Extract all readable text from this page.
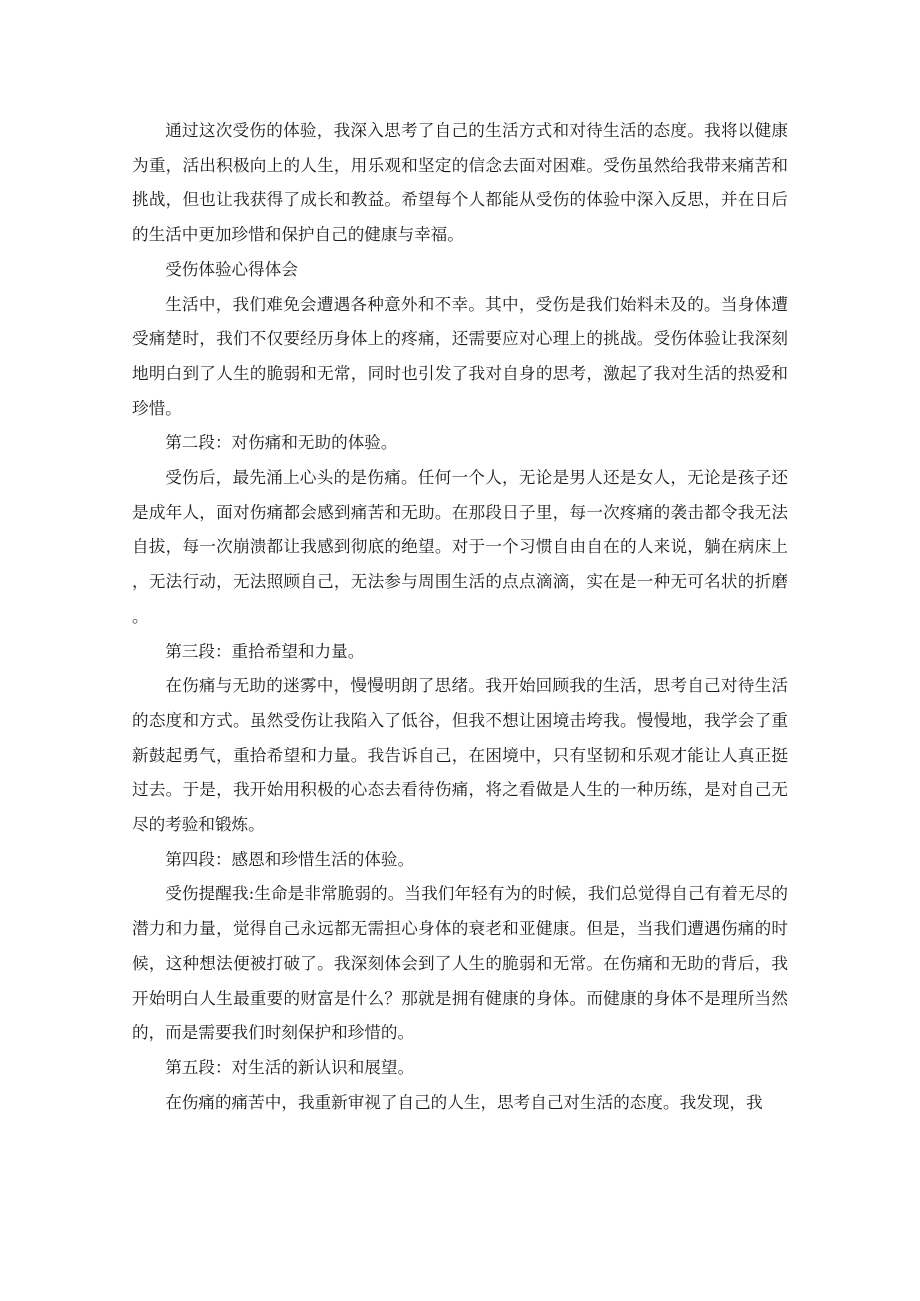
通过这次受伤的体验，我深入思考了自己的生活方式和对待生活的态度。我将以健康为重，活出积极向上的人生，用乐观和坚定的信念去面对困难。受伤虽然给我带来痛苦和挑战，但也让我获得了成长和教益。希望每个人都能从受伤的体验中深入反思，并在日后的生活中更加珍惜和保护自己的健康与幸福。

受伤体验心得体会

生活中，我们难免会遭遇各种意外和不幸。其中，受伤是我们始料未及的。当身体遭受痛楚时，我们不仅要经历身体上的疼痛，还需要应对心理上的挑战。受伤体验让我深刻地明白到了人生的脆弱和无常，同时也引发了我对自身的思考，激起了我对生活的热爱和珍惜。

第二段：对伤痛和无助的体验。

受伤后，最先涌上心头的是伤痛。任何一个人，无论是男人还是女人，无论是孩子还是成年人，面对伤痛都会感到痛苦和无助。在那段日子里，每一次疼痛的袭击都令我无法自拔，每一次崩溃都让我感到彻底的绝望。对于一个习惯自由自在的人来说，躺在病床上，无法行动，无法照顾自己，无法参与周围生活的点点滴滴，实在是一种无可名状的折磨。

第三段：重拾希望和力量。

在伤痛与无助的迷雾中，慢慢明朗了思绪。我开始回顾我的生活，思考自己对待生活的态度和方式。虽然受伤让我陷入了低谷，但我不想让困境击垮我。慢慢地，我学会了重新鼓起勇气，重拾希望和力量。我告诉自己，在困境中，只有坚韧和乐观才能让人真正挺过去。于是，我开始用积极的心态去看待伤痛，将之看做是人生的一种历练，是对自己无尽的考验和锻炼。

第四段：感恩和珍惜生活的体验。

受伤提醒我:生命是非常脆弱的。当我们年轻有为的时候，我们总觉得自己有着无尽的潜力和力量，觉得自己永远都无需担心身体的衰老和亚健康。但是，当我们遭遇伤痛的时候，这种想法便被打破了。我深刻体会到了人生的脆弱和无常。在伤痛和无助的背后，我开始明白人生最重要的财富是什么？那就是拥有健康的身体。而健康的身体不是理所当然的，而是需要我们时刻保护和珍惜的。

第五段：对生活的新认识和展望。

在伤痛的痛苦中，我重新审视了自己的人生，思考自己对生活的态度。我发现，我
